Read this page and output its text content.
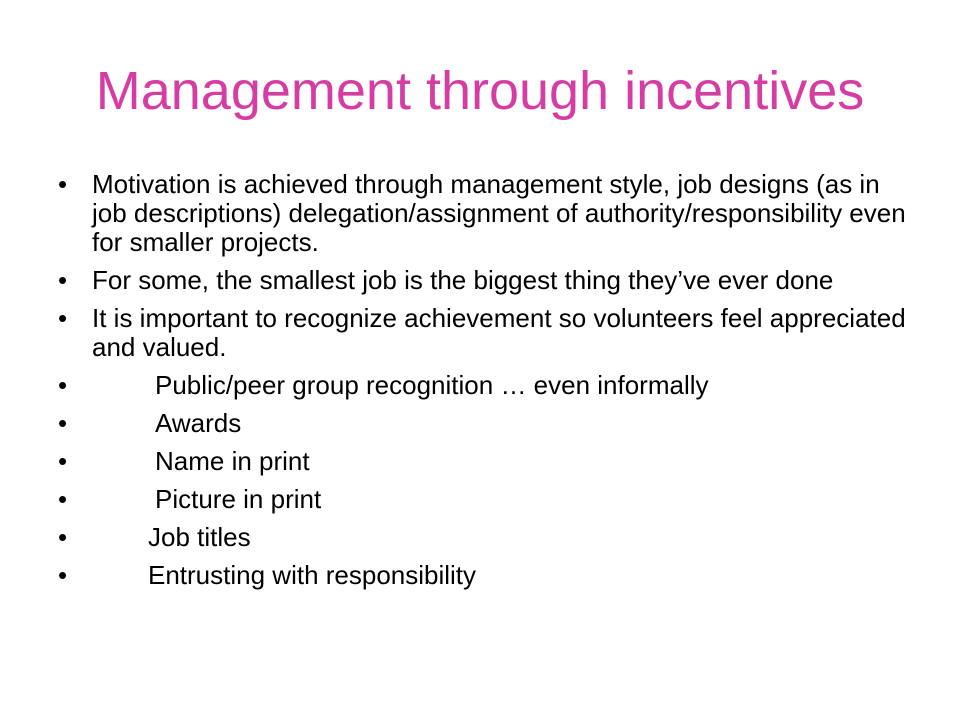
Management through incentives
• Motivation is achieved through management style, job designs (as in job descriptions) delegation/assignment of authority/responsibility even for smaller projects.
• For some, the smallest job is the biggest thing they’ve ever done
• It is important to recognize achievement so volunteers feel appreciated and valued.
•	Public/peer group recognition … even informally
•	Awards
•	Name in print
•	Picture in print
•	Job titles
•	Entrusting with responsibility
